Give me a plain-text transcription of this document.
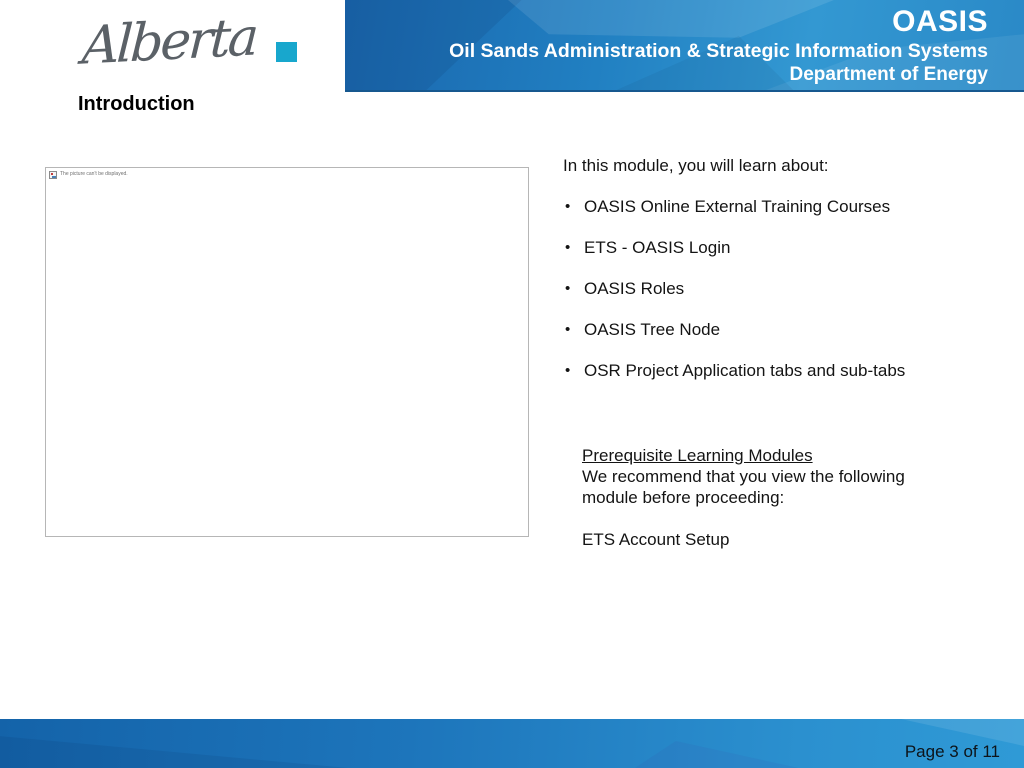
Alberta	OASIS
Oil Sands Administration & Strategic Information Systems
Department of Energy
Introduction
The picture can't be displayed.	In this module, you will learn about:
• OASIS Online External Training Courses
• ETS - OASIS Login
• OASIS Roles
• OASIS Tree Node
• OSR Project Application tabs and sub-tabs
Prerequisite Learning Modules
We recommend that you view the following
module before proceeding:
ETS Account Setup
Page 3 of 11
